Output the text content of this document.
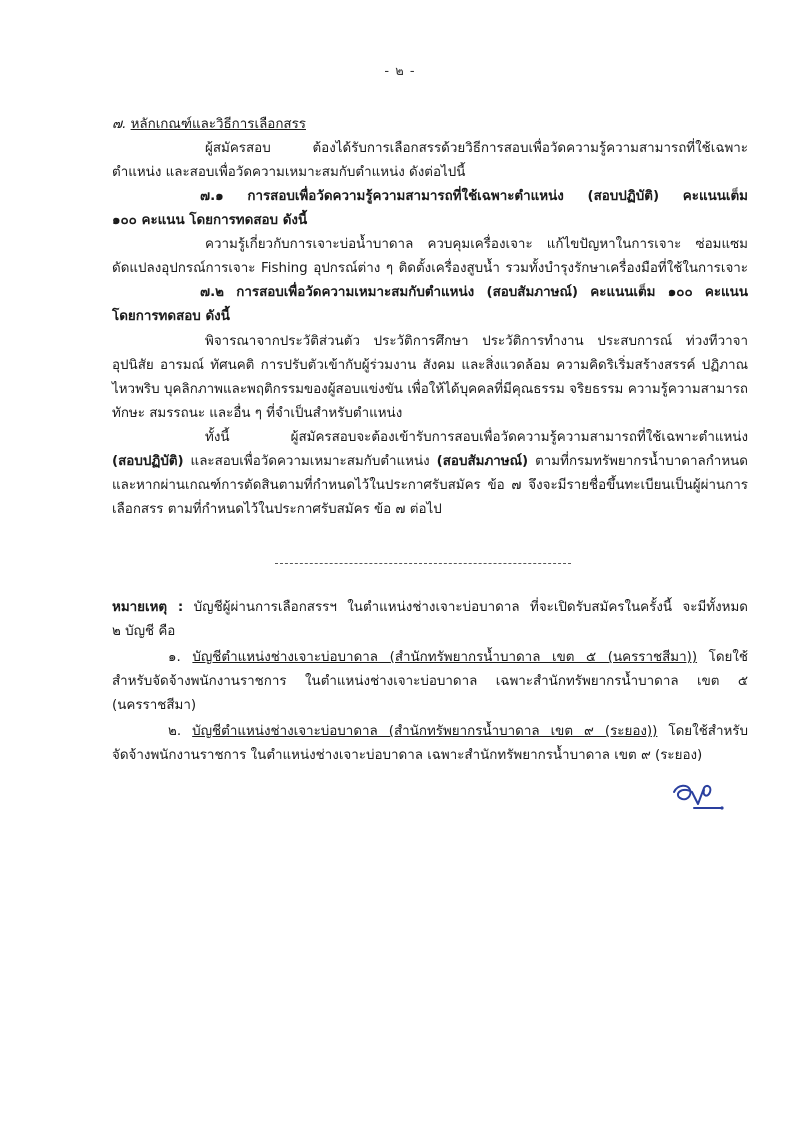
- ๒ -
๗. หลักเกณฑ์และวิธีการเลือกสรร
ผู้สมัครสอบ ต้องได้รับการเลือกสรรด้วยวิธีการสอบเพื่อวัดความรู้ความสามารถที่ใช้เฉพาะ
ตำแหน่ง และสอบเพื่อวัดความเหมาะสมกับตำแหน่ง ดังต่อไปนี้
๗.๑ การสอบเพื่อวัดความรู้ความสามารถที่ใช้เฉพาะตำแหน่ง (สอบปฏิบัติ) คะแนนเต็ม
๑๐๐ คะแนน โดยการทดสอบ ดังนี้
ความรู้เกี่ยวกับการเจาะบ่อน้ำบาดาล ควบคุมเครื่องเจาะ แก้ไขปัญหาในการเจาะ ซ่อมแซม
ดัดแปลงอุปกรณ์การเจาะ Fishing อุปกรณ์ต่าง ๆ ติดตั้งเครื่องสูบน้ำ รวมทั้งบำรุงรักษาเครื่องมือที่ใช้ในการเจาะ
๗.๒ การสอบเพื่อวัดความเหมาะสมกับตำแหน่ง (สอบสัมภาษณ์) คะแนนเต็ม ๑๐๐ คะแนน
โดยการทดสอบ ดังนี้
พิจารณาจากประวัติส่วนตัว ประวัติการศึกษา ประวัติการทำงาน ประสบการณ์ ท่วงทีวาจา
อุปนิสัย อารมณ์ ทัศนคติ การปรับตัวเข้ากับผู้ร่วมงาน สังคม และสิ่งแวดล้อม ความคิดริเริ่มสร้างสรรค์ ปฏิภาณ
ไหวพริบ บุคลิกภาพและพฤติกรรมของผู้สอบแข่งขัน เพื่อให้ได้บุคคลที่มีคุณธรรม จริยธรรม ความรู้ความสามารถ
ทักษะ สมรรถนะ และอื่น ๆ ที่จำเป็นสำหรับตำแหน่ง
ทั้งนี้ ผู้สมัครสอบจะต้องเข้ารับการสอบเพื่อวัดความรู้ความสามารถที่ใช้เฉพาะตำแหน่ง
(สอบปฏิบัติ) และสอบเพื่อวัดความเหมาะสมกับตำแหน่ง (สอบสัมภาษณ์) ตามที่กรมทรัพยากรน้ำบาดาลกำหนด
และหากผ่านเกณฑ์การตัดสินตามที่กำหนดไว้ในประกาศรับสมัคร ข้อ ๗ จึงจะมีรายชื่อขึ้นทะเบียนเป็นผู้ผ่านการ
เลือกสรร ตามที่กำหนดไว้ในประกาศรับสมัคร ข้อ ๗ ต่อไป
หมายเหตุ : บัญชีผู้ผ่านการเลือกสรรฯ ในตำแหน่งช่างเจาะบ่อบาดาล ที่จะเปิดรับสมัครในครั้งนี้ จะมีทั้งหมด
๒ บัญชี คือ
๑. บัญชีตำแหน่งช่างเจาะบ่อบาดาล (สำนักทรัพยากรน้ำบาดาล เขต ๕ (นครราชสีมา)) โดยใช้
สำหรับจัดจ้างพนักงานราชการ ในตำแหน่งช่างเจาะบ่อบาดาล เฉพาะสำนักทรัพยากรน้ำบาดาล เขต ๕
(นครราชสีมา)
๒. บัญชีตำแหน่งช่างเจาะบ่อบาดาล (สำนักทรัพยากรน้ำบาดาล เขต ๙ (ระยอง)) โดยใช้สำหรับ
จัดจ้างพนักงานราชการ ในตำแหน่งช่างเจาะบ่อบาดาล เฉพาะสำนักทรัพยากรน้ำบาดาล เขต ๙ (ระยอง)
